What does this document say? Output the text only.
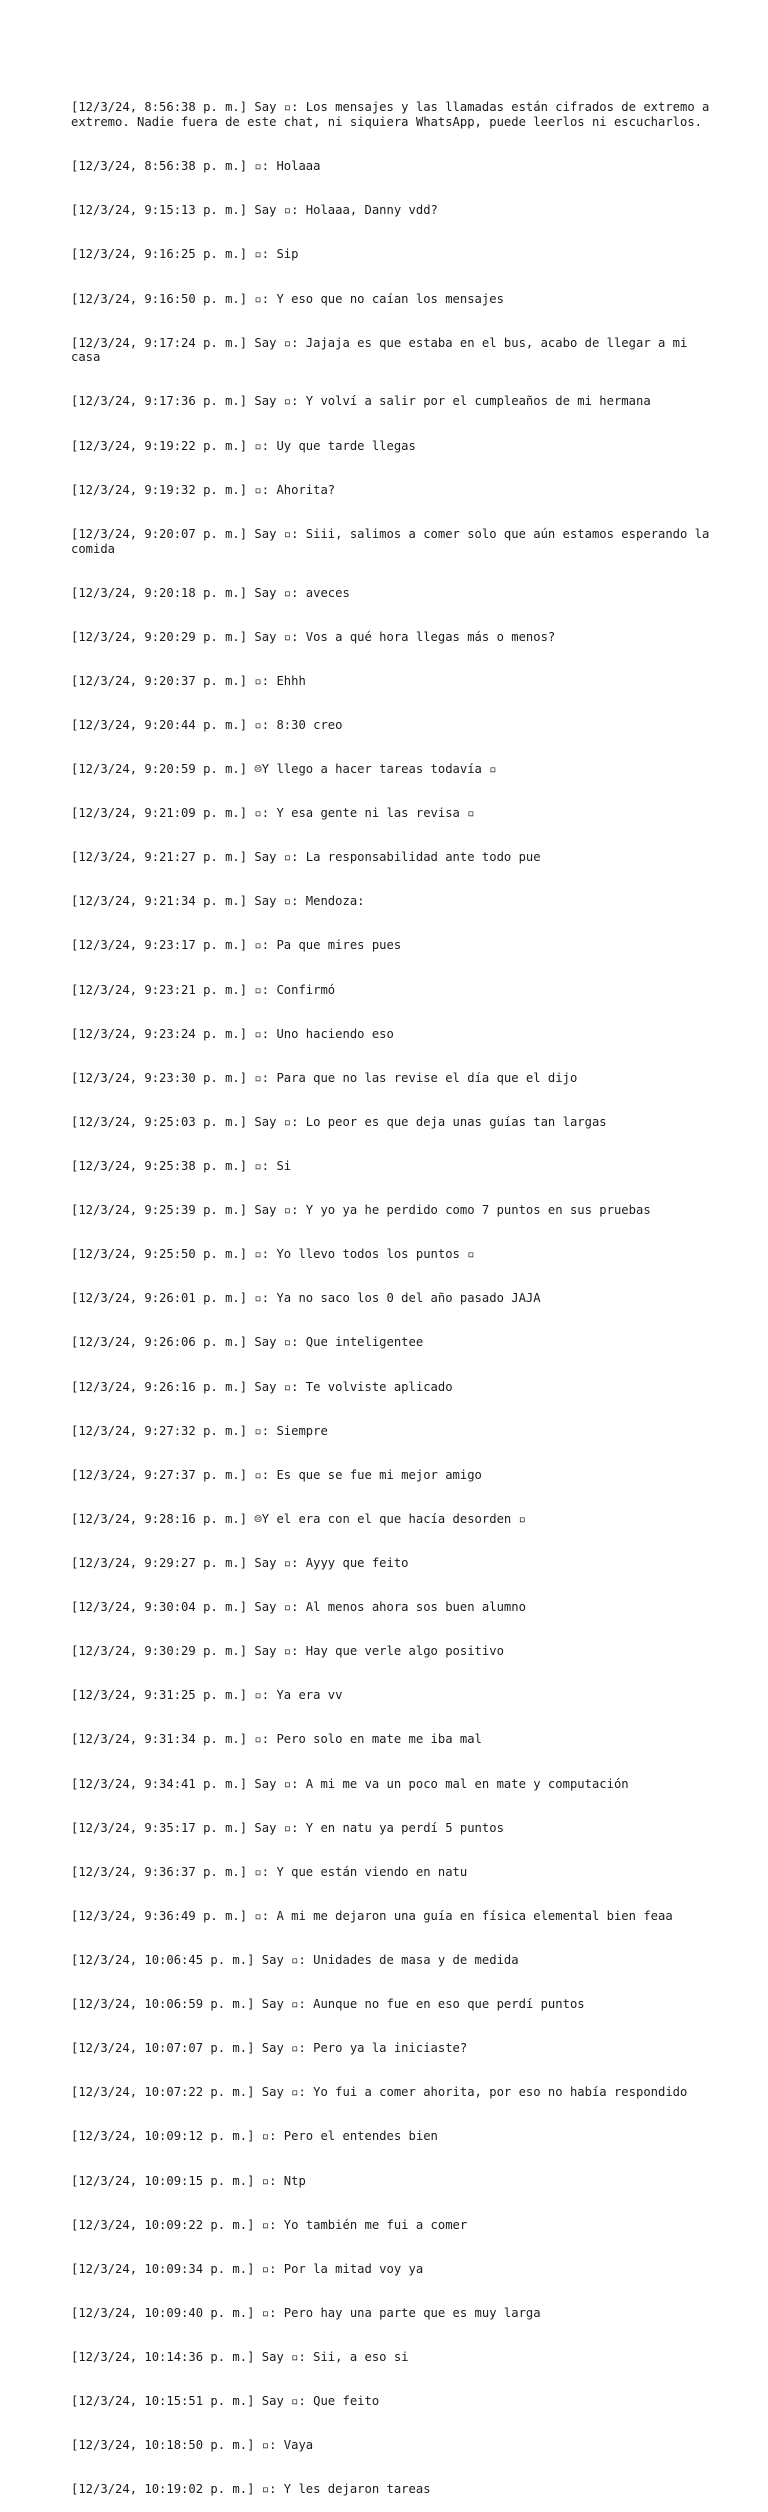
[12/3/24, 8:56:38 p. m.] Say ▫: Los mensajes y las llamadas están cifrados de extremo a extremo. Nadie fuera de este chat, ni siquiera WhatsApp, puede leerlos ni escucharlos.

[12/3/24, 8:56:38 p. m.] ▫: Holaaa

[12/3/24, 9:15:13 p. m.] Say ▫: Holaaa, Danny vdd?

[12/3/24, 9:16:25 p. m.] ▫: Sip

[12/3/24, 9:16:50 p. m.] ▫: Y eso que no caían los mensajes

[12/3/24, 9:17:24 p. m.] Say ▫: Jajaja es que estaba en el bus, acabo de llegar a mi casa

[12/3/24, 9:17:36 p. m.] Say ▫: Y volví a salir por el cumpleaños de mi hermana

[12/3/24, 9:19:22 p. m.] ▫: Uy que tarde llegas

[12/3/24, 9:19:32 p. m.] ▫: Ahorita?

[12/3/24, 9:20:07 p. m.] Say ▫: Siii, salimos a comer solo que aún estamos esperando la comida

[12/3/24, 9:20:18 p. m.] Say ▫: aveces

[12/3/24, 9:20:29 p. m.] Say ▫: Vos a qué hora llegas más o menos?

[12/3/24, 9:20:37 p. m.] ▫: Ehhh

[12/3/24, 9:20:44 p. m.] ▫: 8:30 creo

[12/3/24, 9:20:59 p. m.] ☹Y llego a hacer tareas todavía ▫

[12/3/24, 9:21:09 p. m.] ▫: Y esa gente ni las revisa ▫

[12/3/24, 9:21:27 p. m.] Say ▫: La responsabilidad ante todo pue

[12/3/24, 9:21:34 p. m.] Say ▫: Mendoza:

[12/3/24, 9:23:17 p. m.] ▫: Pa que mires pues

[12/3/24, 9:23:21 p. m.] ▫: Confirmó

[12/3/24, 9:23:24 p. m.] ▫: Uno haciendo eso

[12/3/24, 9:23:30 p. m.] ▫: Para que no las revise el día que el dijo

[12/3/24, 9:25:03 p. m.] Say ▫: Lo peor es que deja unas guías tan largas

[12/3/24, 9:25:38 p. m.] ▫: Si

[12/3/24, 9:25:39 p. m.] Say ▫: Y yo ya he perdido como 7 puntos en sus pruebas

[12/3/24, 9:25:50 p. m.] ▫: Yo llevo todos los puntos ▫

[12/3/24, 9:26:01 p. m.] ▫: Ya no saco los 0 del año pasado JAJA

[12/3/24, 9:26:06 p. m.] Say ▫: Que inteligentee

[12/3/24, 9:26:16 p. m.] Say ▫: Te volviste aplicado

[12/3/24, 9:27:32 p. m.] ▫: Siempre

[12/3/24, 9:27:37 p. m.] ▫: Es que se fue mi mejor amigo

[12/3/24, 9:28:16 p. m.] ☹Y el era con el que hacía desorden ▫

[12/3/24, 9:29:27 p. m.] Say ▫: Ayyy que feito

[12/3/24, 9:30:04 p. m.] Say ▫: Al menos ahora sos buen alumno

[12/3/24, 9:30:29 p. m.] Say ▫: Hay que verle algo positivo

[12/3/24, 9:31:25 p. m.] ▫: Ya era vv

[12/3/24, 9:31:34 p. m.] ▫: Pero solo en mate me iba mal

[12/3/24, 9:34:41 p. m.] Say ▫: A mi me va un poco mal en mate y computación

[12/3/24, 9:35:17 p. m.] Say ▫: Y en natu ya perdí 5 puntos

[12/3/24, 9:36:37 p. m.] ▫: Y que están viendo en natu

[12/3/24, 9:36:49 p. m.] ▫: A mi me dejaron una guía en física elemental bien feaa

[12/3/24, 10:06:45 p. m.] Say ▫: Unidades de masa y de medida

[12/3/24, 10:06:59 p. m.] Say ▫: Aunque no fue en eso que perdí puntos

[12/3/24, 10:07:07 p. m.] Say ▫: Pero ya la iniciaste?

[12/3/24, 10:07:22 p. m.] Say ▫: Yo fui a comer ahorita, por eso no había respondido

[12/3/24, 10:09:12 p. m.] ▫: Pero el entendes bien

[12/3/24, 10:09:15 p. m.] ▫: Ntp

[12/3/24, 10:09:22 p. m.] ▫: Yo también me fui a comer

[12/3/24, 10:09:34 p. m.] ▫: Por la mitad voy ya

[12/3/24, 10:09:40 p. m.] ▫: Pero hay una parte que es muy larga

[12/3/24, 10:14:36 p. m.] Say ▫: Sii, a eso si

[12/3/24, 10:15:51 p. m.] Say ▫: Que feito

[12/3/24, 10:18:50 p. m.] ▫: Vaya

[12/3/24, 10:19:02 p. m.] ▫: Y les dejaron tareas
